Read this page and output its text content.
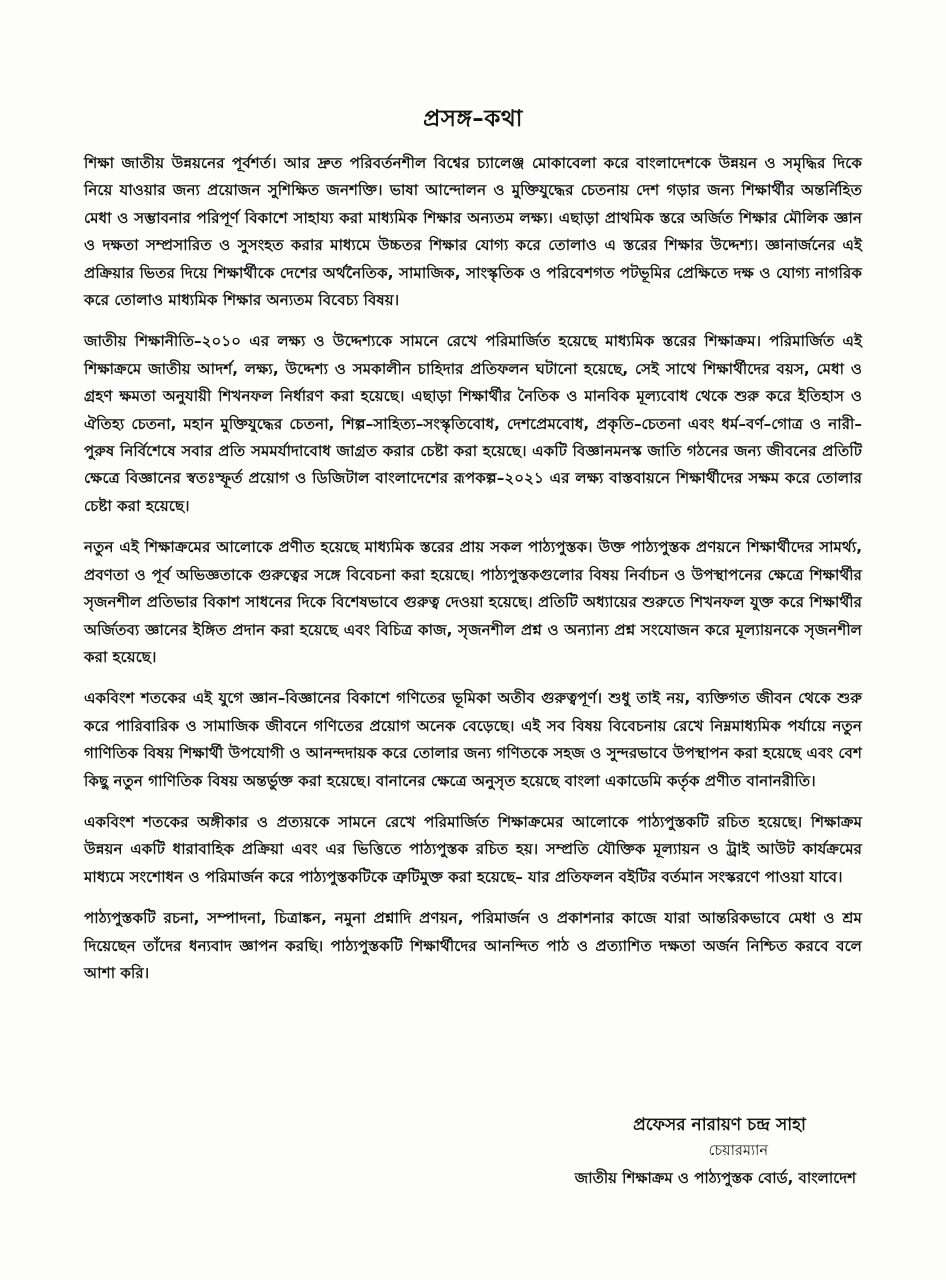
প্রসঙ্গ–কথা

শিক্ষা জাতীয় উন্নয়নের পূর্বশর্ত। আর দ্রুত পরিবর্তনশীল বিশ্বের চ্যালেঞ্জ মোকাবেলা করে বাংলাদেশকে উন্নয়ন ও সমৃদ্ধির দিকে নিয়ে যাওয়ার জন্য প্রয়োজন সুশিক্ষিত জনশক্তি। ভাষা আন্দোলন ও মুক্তিযুদ্ধের চেতনায় দেশ গড়ার জন্য শিক্ষার্থীর অন্তর্নিহিত মেধা ও সম্ভাবনার পরিপূর্ণ বিকাশে সাহায্য করা মাধ্যমিক শিক্ষার অন্যতম লক্ষ্য। এছাড়া প্রাথমিক স্তরে অর্জিত শিক্ষার মৌলিক জ্ঞান ও দক্ষতা সম্প্রসারিত ও সুসংহত করার মাধ্যমে উচ্চতর শিক্ষার যোগ্য করে তোলাও এ স্তরের শিক্ষার উদ্দেশ্য। জ্ঞানার্জনের এই প্রক্রিয়ার ভিতর দিয়ে শিক্ষার্থীকে দেশের অর্থনৈতিক, সামাজিক, সাংস্কৃতিক ও পরিবেশগত পটভূমির প্রেক্ষিতে দক্ষ ও যোগ্য নাগরিক করে তোলাও মাধ্যমিক শিক্ষার অন্যতম বিবেচ্য বিষয়।

জাতীয় শিক্ষানীতি–২০১০ এর লক্ষ্য ও উদ্দেশ্যকে সামনে রেখে পরিমার্জিত হয়েছে মাধ্যমিক স্তরের শিক্ষাক্রম। পরিমার্জিত এই শিক্ষাক্রমে জাতীয় আদর্শ, লক্ষ্য, উদ্দেশ্য ও সমকালীন চাহিদার প্রতিফলন ঘটানো হয়েছে, সেই সাথে শিক্ষার্থীদের বয়স, মেধা ও গ্রহণ ক্ষমতা অনুযায়ী শিখনফল নির্ধারণ করা হয়েছে। এছাড়া শিক্ষার্থীর নৈতিক ও মানবিক মূল্যবোধ থেকে শুরু করে ইতিহাস ও ঐতিহ্য চেতনা, মহান মুক্তিযুদ্ধের চেতনা, শিল্প–সাহিত্য–সংস্কৃতিবোধ, দেশপ্রেমবোধ, প্রকৃতি–চেতনা এবং ধর্ম–বর্ণ–গোত্র ও নারী–পুরুষ নির্বিশেষে সবার প্রতি সমমর্যাদাবোধ জাগ্রত করার চেষ্টা করা হয়েছে। একটি বিজ্ঞানমনস্ক জাতি গঠনের জন্য জীবনের প্রতিটি ক্ষেত্রে বিজ্ঞানের স্বতঃস্ফূর্ত প্রয়োগ ও ডিজিটাল বাংলাদেশের রূপকল্প–২০২১ এর লক্ষ্য বাস্তবায়নে শিক্ষার্থীদের সক্ষম করে তোলার চেষ্টা করা হয়েছে।

নতুন এই শিক্ষাক্রমের আলোকে প্রণীত হয়েছে মাধ্যমিক স্তরের প্রায় সকল পাঠ্যপুস্তক। উক্ত পাঠ্যপুস্তক প্রণয়নে শিক্ষার্থীদের সামর্থ্য, প্রবণতা ও পূর্ব অভিজ্ঞতাকে গুরুত্বের সঙ্গে বিবেচনা করা হয়েছে। পাঠ্যপুস্তকগুলোর বিষয় নির্বাচন ও উপস্থাপনের ক্ষেত্রে শিক্ষার্থীর সৃজনশীল প্রতিভার বিকাশ সাধনের দিকে বিশেষভাবে গুরুত্ব দেওয়া হয়েছে। প্রতিটি অধ্যায়ের শুরুতে শিখনফল যুক্ত করে শিক্ষার্থীর অর্জিতব্য জ্ঞানের ইঙ্গিত প্রদান করা হয়েছে এবং বিচিত্র কাজ, সৃজনশীল প্রশ্ন ও অন্যান্য প্রশ্ন সংযোজন করে মূল্যায়নকে সৃজনশীল করা হয়েছে।

একবিংশ শতকের এই যুগে জ্ঞান–বিজ্ঞানের বিকাশে গণিতের ভূমিকা অতীব গুরুত্বপূর্ণ। শুধু তাই নয়, ব্যক্তিগত জীবন থেকে শুরু করে পারিবারিক ও সামাজিক জীবনে গণিতের প্রয়োগ অনেক বেড়েছে। এই সব বিষয় বিবেচনায় রেখে নিম্নমাধ্যমিক পর্যায়ে নতুন গাণিতিক বিষয় শিক্ষার্থী উপযোগী ও আনন্দদায়ক করে তোলার জন্য গণিতকে সহজ ও সুন্দরভাবে উপস্থাপন করা হয়েছে এবং বেশ কিছু নতুন গাণিতিক বিষয় অন্তর্ভুক্ত করা হয়েছে। বানানের ক্ষেত্রে অনুসৃত হয়েছে বাংলা একাডেমি কর্তৃক প্রণীত বানানরীতি।

একবিংশ শতকের অঙ্গীকার ও প্রত্যয়কে সামনে রেখে পরিমার্জিত শিক্ষাক্রমের আলোকে পাঠ্যপুস্তকটি রচিত হয়েছে। শিক্ষাক্রম উন্নয়ন একটি ধারাবাহিক প্রক্রিয়া এবং এর ভিত্তিতে পাঠ্যপুস্তক রচিত হয়। সম্প্রতি যৌক্তিক মূল্যায়ন ও ট্রাই আউট কার্যক্রমের মাধ্যমে সংশোধন ও পরিমার্জন করে পাঠ্যপুস্তকটিকে ত্রুটিমুক্ত করা হয়েছে– যার প্রতিফলন বইটির বর্তমান সংস্করণে পাওয়া যাবে।

পাঠ্যপুস্তকটি রচনা, সম্পাদনা, চিত্রাঙ্কন, নমুনা প্রশ্নাদি প্রণয়ন, পরিমার্জন ও প্রকাশনার কাজে যারা আন্তরিকভাবে মেধা ও শ্রম দিয়েছেন তাঁদের ধন্যবাদ জ্ঞাপন করছি। পাঠ্যপুস্তকটি শিক্ষার্থীদের আনন্দিত পাঠ ও প্রত্যাশিত দক্ষতা অর্জন নিশ্চিত করবে বলে আশা করি।

প্রফেসর নারায়ণ চন্দ্র সাহা
চেয়ারম্যান
জাতীয় শিক্ষাক্রম ও পাঠ্যপুস্তক বোর্ড, বাংলাদেশ
